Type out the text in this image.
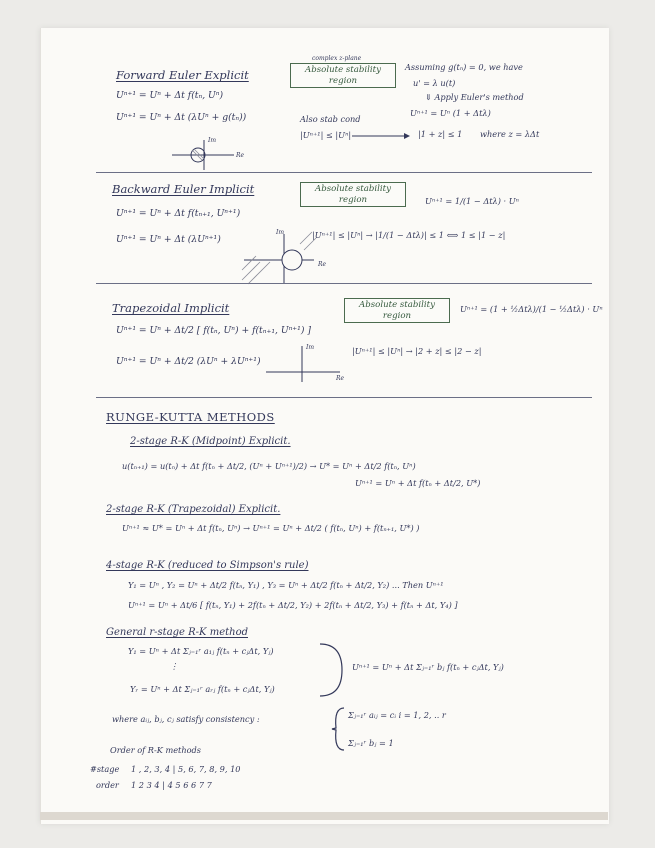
Forward Euler Explicit
Uⁿ⁺¹ = Uⁿ + Δt f(tₙ, Uⁿ)
Uⁿ⁺¹ = Uⁿ + Δt (λUⁿ + g(tₙ))
complex z-plane
Absolute stability region
Assuming g(tₙ) = 0, we have
u' = λ u(t)
⇓ Apply Euler's method
Uⁿ⁺¹ = Uⁿ (1 + Δtλ)
Also stab cond
|Uⁿ⁺¹| ≤ |Uⁿ|	|1 + z| ≤ 1 where z = λΔt
Im
Re
Backward Euler Implicit
Uⁿ⁺¹ = Uⁿ + Δt f(tₙ₊₁, Uⁿ⁺¹)
Uⁿ⁺¹ = Uⁿ + Δt (λUⁿ⁺¹)
Absolute stability region	Uⁿ⁺¹ = 1/(1 − Δtλ) · Uⁿ
|Uⁿ⁺¹| ≤ |Uⁿ| → |1/(1 − Δtλ)| ≤ 1 ⟺ 1 ≤ |1 − z|
Im
Re
Trapezoidal Implicit
Uⁿ⁺¹ = Uⁿ + Δt/2 [ f(tₙ, Uⁿ) + f(tₙ₊₁, Uⁿ⁺¹) ]
Uⁿ⁺¹ = Uⁿ + Δt/2 (λUⁿ + λUⁿ⁺¹)
Absolute stability region
Uⁿ⁺¹ = (1 + ½Δtλ)/(1 − ½Δtλ) · Uⁿ
|Uⁿ⁺¹| ≤ |Uⁿ| → |2 + z| ≤ |2 − z|
Im
Re
RUNGE-KUTTA METHODS
2-stage R-K (Midpoint) Explicit.
u(tₙ₊₁) = u(tₙ) + Δt f(tₙ + Δt/2, (Uⁿ + Uⁿ⁺¹)/2) → U* = Uⁿ + Δt/2 f(tₙ, Uⁿ)
Uⁿ⁺¹ = Uⁿ + Δt f(tₙ + Δt/2, U*)
2-stage R-K (Trapezoidal) Explicit.
Uⁿ⁺¹ ≈ U* = Uⁿ + Δt f(tₙ, Uⁿ) → Uⁿ⁺¹ = Uⁿ + Δt/2 ( f(tₙ, Uⁿ) + f(tₙ₊₁, U*) )
4-stage R-K (reduced to Simpson's rule)
Y₁ = Uⁿ , Y₂ = Uⁿ + Δt/2 f(tₙ, Y₁) , Y₃ = Uⁿ + Δt/2 f(tₙ + Δt/2, Y₂) ... Then Uⁿ⁺¹
Uⁿ⁺¹ = Uⁿ + Δt/6 [ f(tₙ, Y₁) + 2f(tₙ + Δt/2, Y₂) + 2f(tₙ + Δt/2, Y₃) + f(tₙ + Δt, Y₄) ]
General r-stage R-K method
Y₁ = Uⁿ + Δt Σⱼ₌₁ʳ a₁ⱼ f(tₙ + cⱼΔt, Yⱼ)
⋮
Yᵣ = Uⁿ + Δt Σⱼ₌₁ʳ aᵣⱼ f(tₙ + cⱼΔt, Yⱼ)
Uⁿ⁺¹ = Uⁿ + Δt Σⱼ₌₁ʳ bⱼ f(tₙ + cⱼΔt, Yⱼ)
where aᵢⱼ, bⱼ, cⱼ satisfy consistency :	Σⱼ₌₁ʳ aᵢⱼ = cᵢ i = 1, 2, .. r
Σⱼ₌₁ʳ bⱼ = 1
Order of R-K methods
#stage 1 , 2, 3, 4 | 5, 6, 7, 8, 9, 10
order 1 2 3 4 | 4 5 6 6 7 7
